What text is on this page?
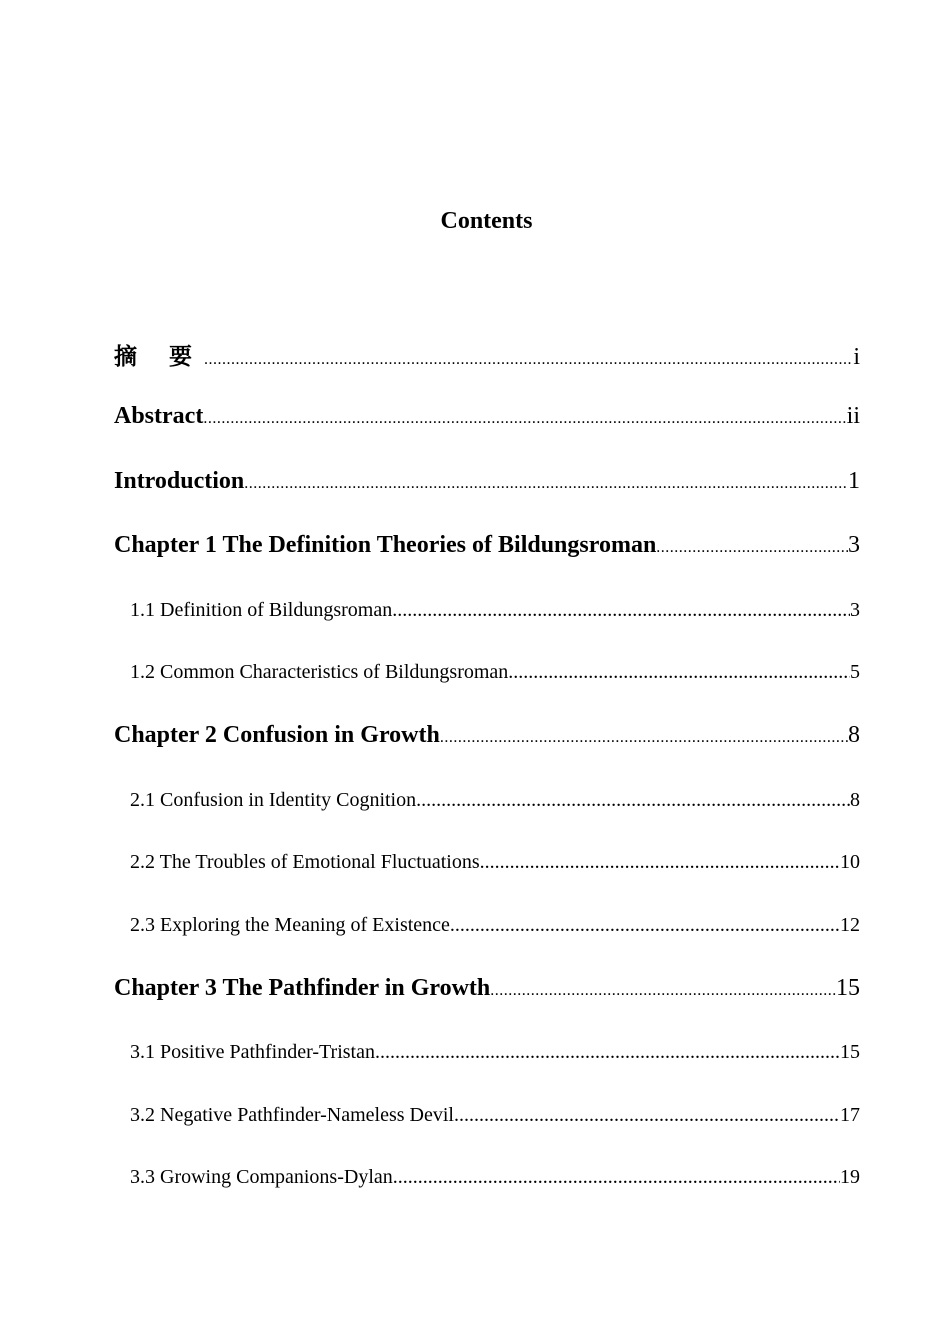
Contents
摘 要 .....	i
Abstract .....	ii
Introduction .....	1
Chapter 1 The Definition Theories of Bildungsroman .....	3
1.1 Definition of Bildungsroman .....	3
1.2 Common Characteristics of Bildungsroman .....	5
Chapter 2 Confusion in Growth .....	8
2.1 Confusion in Identity Cognition .....	8
2.2 The Troubles of Emotional Fluctuations .....	10
2.3 Exploring the Meaning of Existence .....	12
Chapter 3 The Pathfinder in Growth .....	15
3.1 Positive Pathfinder-Tristan .....	15
3.2 Negative Pathfinder-Nameless Devil .....	17
3.3 Growing Companions-Dylan .....	19
